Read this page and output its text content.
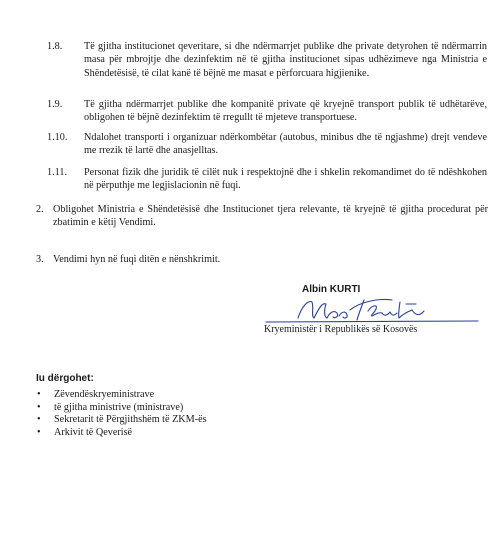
1.8. Të gjitha institucionet qeveritare, si dhe ndërmarrjet publike dhe private detyrohen të ndërmarrin masa për mbrojtje dhe dezinfektim në të gjitha institucionet sipas udhëzimeve nga Ministria e Shëndetësisë, të cilat kanë të bëjnë me masat e përforcuara higjienike.
1.9. Të gjitha ndërmarrjet publike dhe kompanitë private që kryejnë transport publik të udhëtarëve, obligohen të bëjnë dezinfektim të rregullt të mjeteve transportuese.
1.10. Ndalohet transporti i organizuar ndërkombëtar (autobus, minibus dhe të ngjashme) drejt vendeve me rrezik të lartë dhe anasjelltas.
1.11. Personat fizik dhe juridik të cilët nuk i respektojnë dhe i shkelin rekomandimet do të ndëshkohen në përputhje me legjislacionin në fuqi.
2. Obligohet Ministria e Shëndetësisë dhe Institucionet tjera relevante, të kryejnë të gjitha procedurat për zbatimin e këtij Vendimi.
3. Vendimi hyn në fuqi ditën e nënshkrimit.
Albin KURTI
Kryeministër i Republikës së Kosovës
Iu dërgohet:
• Zëvendëskryeministrave
• të gjitha ministrive (ministrave)
• Sekretarit të Përgjithshëm të ZKM-ës
• Arkivit të Qeverisë
